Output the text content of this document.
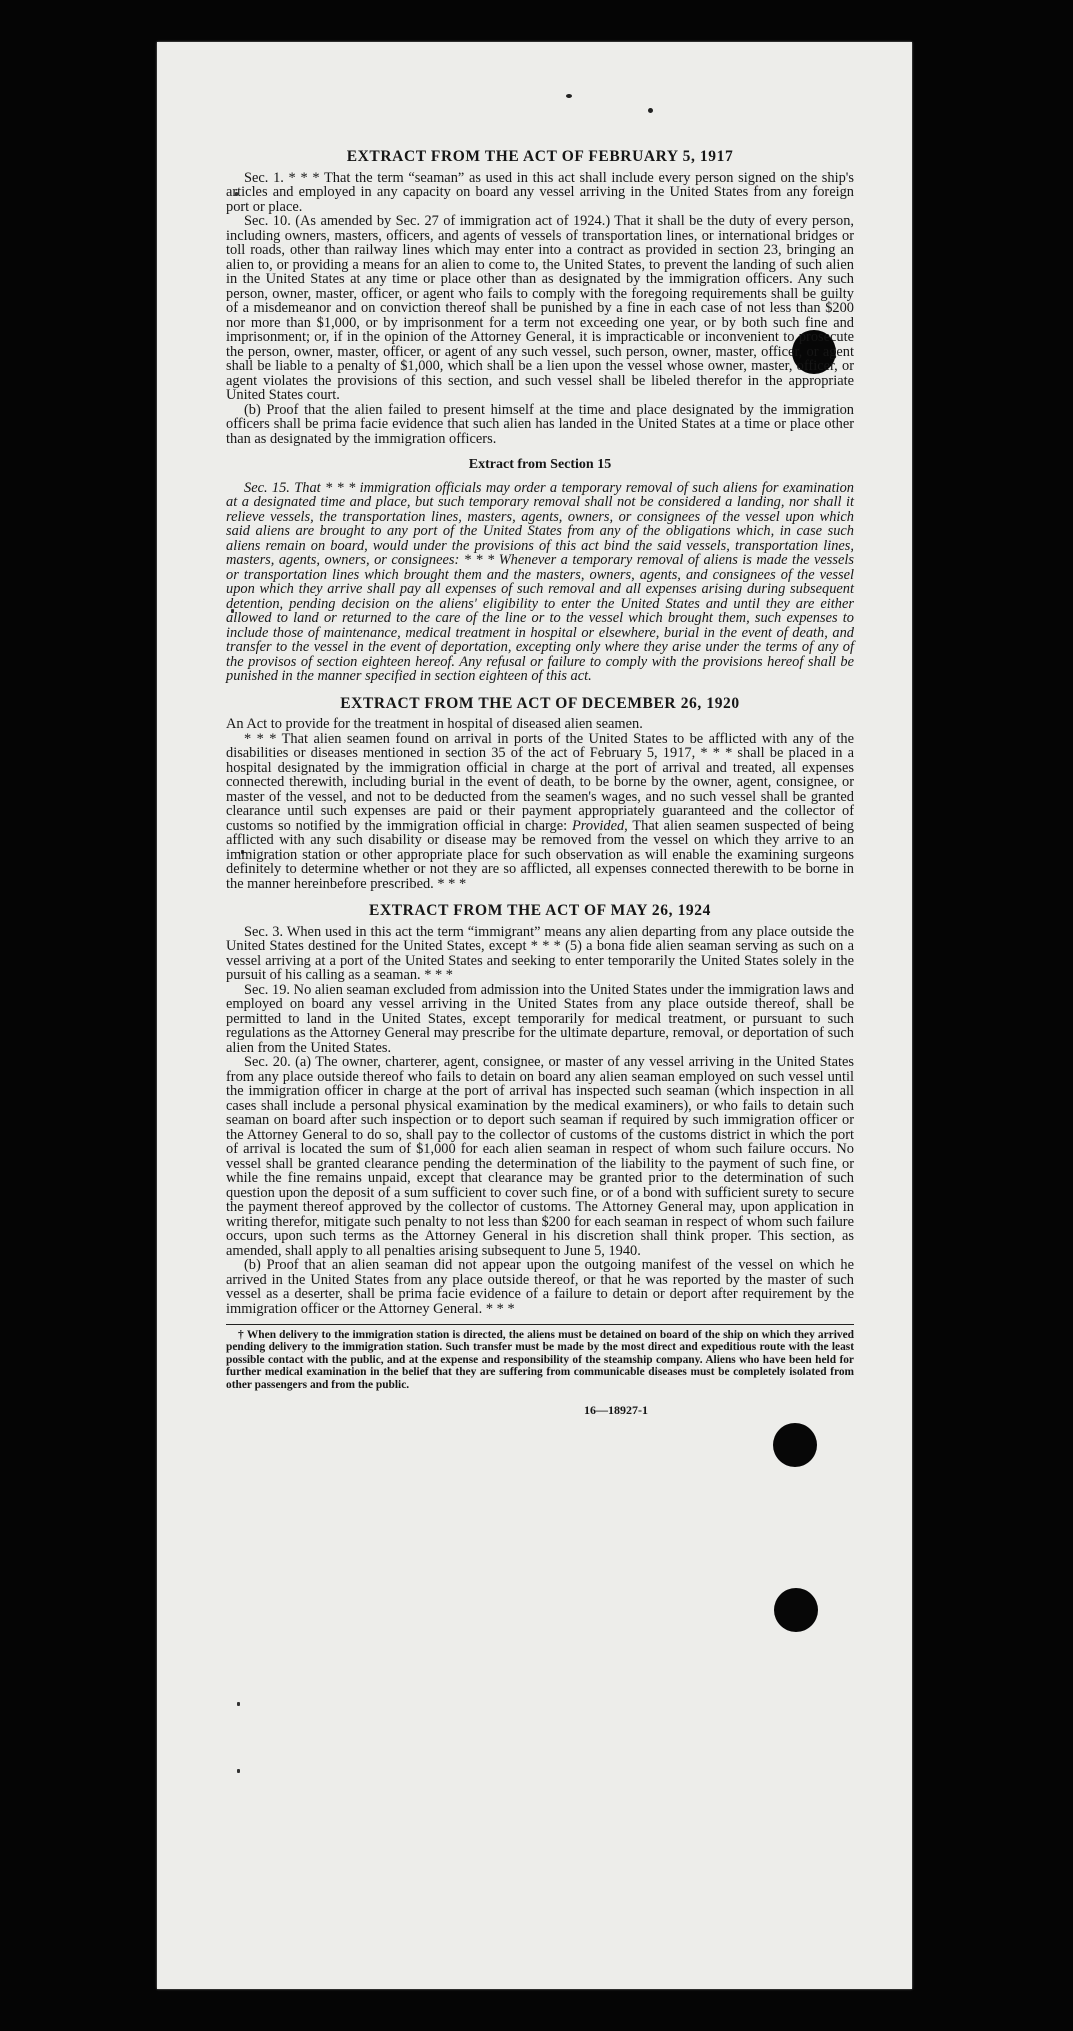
EXTRACT FROM THE ACT OF FEBRUARY 5, 1917

Sec. 1. * * * That the term “seaman” as used in this act shall include every person signed on the ship's articles and employed in any capacity on board any vessel arriving in the United States from any foreign port or place.

Sec. 10. (As amended by Sec. 27 of immigration act of 1924.) That it shall be the duty of every person, including owners, masters, officers, and agents of vessels of transportation lines, or international bridges or toll roads, other than railway lines which may enter into a contract as provided in section 23, bringing an alien to, or providing a means for an alien to come to, the United States, to prevent the landing of such alien in the United States at any time or place other than as designated by the immigration officers. Any such person, owner, master, officer, or agent who fails to comply with the foregoing requirements shall be guilty of a misdemeanor and on conviction thereof shall be punished by a fine in each case of not less than $200 nor more than $1,000, or by imprisonment for a term not exceeding one year, or by both such fine and imprisonment; or, if in the opinion of the Attorney General, it is impracticable or inconvenient to prosecute the person, owner, master, officer, or agent of any such vessel, such person, owner, master, officer, or agent shall be liable to a penalty of $1,000, which shall be a lien upon the vessel whose owner, master, officer, or agent violates the provisions of this section, and such vessel shall be libeled therefor in the appropriate United States court.

(b) Proof that the alien failed to present himself at the time and place designated by the immigration officers shall be prima facie evidence that such alien has landed in the United States at a time or place other than as designated by the immigration officers.

Extract from Section 15

Sec. 15. That * * * immigration officials may order a temporary removal of such aliens for examination at a designated time and place, but such temporary removal shall not be considered a landing, nor shall it relieve vessels, the transportation lines, masters, agents, owners, or consignees of the vessel upon which said aliens are brought to any port of the United States from any of the obligations which, in case such aliens remain on board, would under the provisions of this act bind the said vessels, transportation lines, masters, agents, owners, or consignees: * * * Whenever a temporary removal of aliens is made the vessels or transportation lines which brought them and the masters, owners, agents, and consignees of the vessel upon which they arrive shall pay all expenses of such removal and all expenses arising during subsequent detention, pending decision on the aliens' eligibility to enter the United States and until they are either allowed to land or returned to the care of the line or to the vessel which brought them, such expenses to include those of maintenance, medical treatment in hospital or elsewhere, burial in the event of death, and transfer to the vessel in the event of deportation, excepting only where they arise under the terms of any of the provisos of section eighteen hereof. Any refusal or failure to comply with the provisions hereof shall be punished in the manner specified in section eighteen of this act.

EXTRACT FROM THE ACT OF DECEMBER 26, 1920

An Act to provide for the treatment in hospital of diseased alien seamen.

* * * That alien seamen found on arrival in ports of the United States to be afflicted with any of the disabilities or diseases mentioned in section 35 of the act of February 5, 1917, * * * shall be placed in a hospital designated by the immigration official in charge at the port of arrival and treated, all expenses connected therewith, including burial in the event of death, to be borne by the owner, agent, consignee, or master of the vessel, and not to be deducted from the seamen's wages, and no such vessel shall be granted clearance until such expenses are paid or their payment appropriately guaranteed and the collector of customs so notified by the immigration official in charge: Provided, That alien seamen suspected of being afflicted with any such disability or disease may be removed from the vessel on which they arrive to an immigration station or other appropriate place for such observation as will enable the examining surgeons definitely to determine whether or not they are so afflicted, all expenses connected therewith to be borne in the manner hereinbefore prescribed. * * *

EXTRACT FROM THE ACT OF MAY 26, 1924

Sec. 3. When used in this act the term “immigrant” means any alien departing from any place outside the United States destined for the United States, except * * * (5) a bona fide alien seaman serving as such on a vessel arriving at a port of the United States and seeking to enter temporarily the United States solely in the pursuit of his calling as a seaman. * * *

Sec. 19. No alien seaman excluded from admission into the United States under the immigration laws and employed on board any vessel arriving in the United States from any place outside thereof, shall be permitted to land in the United States, except temporarily for medical treatment, or pursuant to such regulations as the Attorney General may prescribe for the ultimate departure, removal, or deportation of such alien from the United States.

Sec. 20. (a) The owner, charterer, agent, consignee, or master of any vessel arriving in the United States from any place outside thereof who fails to detain on board any alien seaman employed on such vessel until the immigration officer in charge at the port of arrival has inspected such seaman (which inspection in all cases shall include a personal physical examination by the medical examiners), or who fails to detain such seaman on board after such inspection or to deport such seaman if required by such immigration officer or the Attorney General to do so, shall pay to the collector of customs of the customs district in which the port of arrival is located the sum of $1,000 for each alien seaman in respect of whom such failure occurs. No vessel shall be granted clearance pending the determination of the liability to the payment of such fine, or while the fine remains unpaid, except that clearance may be granted prior to the determination of such question upon the deposit of a sum sufficient to cover such fine, or of a bond with sufficient surety to secure the payment thereof approved by the collector of customs. The Attorney General may, upon application in writing therefor, mitigate such penalty to not less than $200 for each seaman in respect of whom such failure occurs, upon such terms as the Attorney General in his discretion shall think proper. This section, as amended, shall apply to all penalties arising subsequent to June 5, 1940.

(b) Proof that an alien seaman did not appear upon the outgoing manifest of the vessel on which he arrived in the United States from any place outside thereof, or that he was reported by the master of such vessel as a deserter, shall be prima facie evidence of a failure to detain or deport after requirement by the immigration officer or the Attorney General. * * *

† When delivery to the immigration station is directed, the aliens must be detained on board of the ship on which they arrived pending delivery to the immigration station. Such transfer must be made by the most direct and expeditious route with the least possible contact with the public, and at the expense and responsibility of the steamship company. Aliens who have been held for further medical examination in the belief that they are suffering from communicable diseases must be completely isolated from other passengers and from the public.
16—18927-1
